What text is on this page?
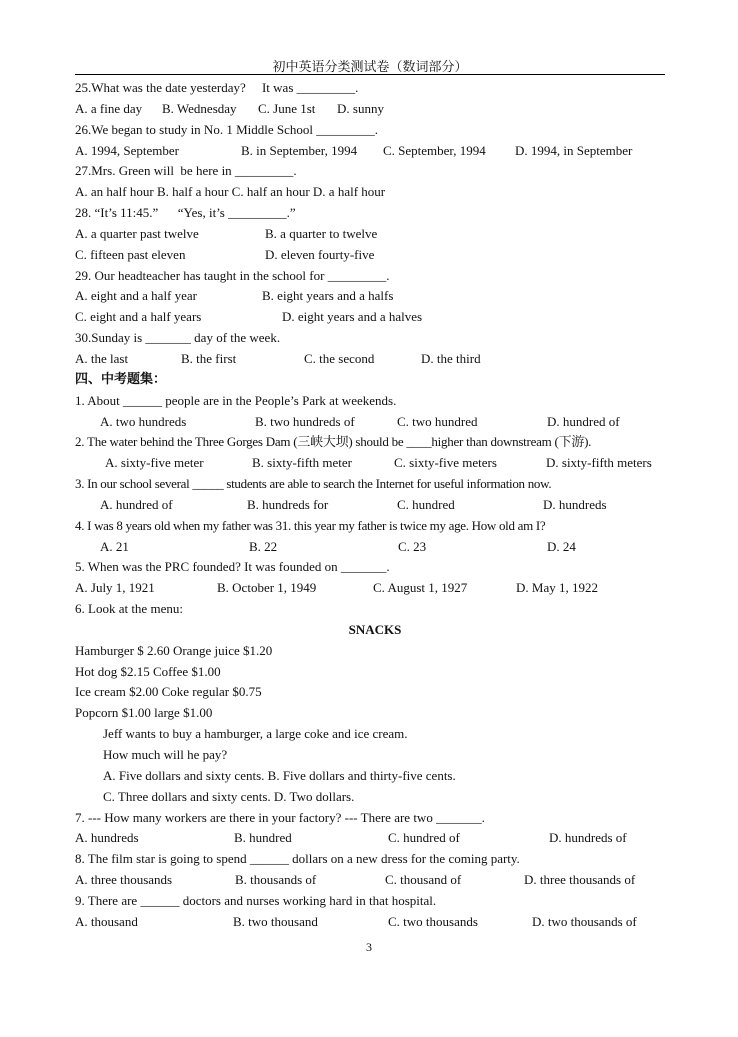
初中英语分类测试卷（数词部分）
25.What was the date yesterday?     It was _________.

A. a fine day

B. Wednesday

C. June 1st

D. sunny

26.We began to study in No. 1 Middle School _________.

A. 1994, September

	B. in September, 1994

C. September, 1994

D. 1994, in September

27.Mrs. Green will  be here in _________.
A. an half hour B. half a hour C. half an hour D. a half hour
28. “It’s 11:45.”      “Yes, it’s _________.”

A. a quarter past twelve

	B. a quarter to twelve

C. fifteen past eleven

	D. eleven fourty-five

29. Our headteacher has taught in the school for _________.

A. eight and a half year

	B. eight years and a halfs

C. eight and a half years

	D. eight years and a halves

30.Sunday is _______ day of the week.

A. the last

	B. the first

	C. the second

	D. the third

四、中考题集：
1. About ______ people are in the People’s Park at weekends.

A. two hundreds

	B. two hundreds of

	C. two hundred

	D. hundred of

2. The water behind the Three Gorges Dam (三峡大坝) should be ____higher than downstream (下游).

A. sixty-five meter

	B. sixty-fifth meter

	C. sixty-five meters

	D. sixty-fifth meters

3. In our school several _____ students are able to search the Internet for useful information now.

A. hundred of

	B. hundreds for

	C. hundred

	D. hundreds

4. I was 8 years old when my father was 31. this year my father is twice my age. How old am I?

A. 21

	B. 22

	C. 23

	D. 24

5. When was the PRC founded? It was founded on _______.

A. July 1, 1921

	B. October 1, 1949

	C. August 1, 1927

	D. May 1, 1922

6. Look at the menu:
SNACKS
Hamburger $ 2.60 Orange juice $1.20
Hot dog $2.15 Coffee $1.00
Ice cream $2.00 Coke regular $0.75
Popcorn $1.00 large $1.00
Jeff wants to buy a hamburger, a large coke and ice cream.
How much will he pay?
A. Five dollars and sixty cents. B. Five dollars and thirty-five cents.
C. Three dollars and sixty cents. D. Two dollars.
7. --- How many workers are there in your factory? --- There are two _______.

A. hundreds

	B. hundred

	C. hundred of

	D. hundreds of

8. The film star is going to spend ______ dollars on a new dress for the coming party.

A. three thousands

	B. thousands of

	C. thousand of

	D. three thousands of

9. There are ______ doctors and nurses working hard in that hospital.

A. thousand

	B. two thousand

	C. two thousands

	D. two thousands of

3
